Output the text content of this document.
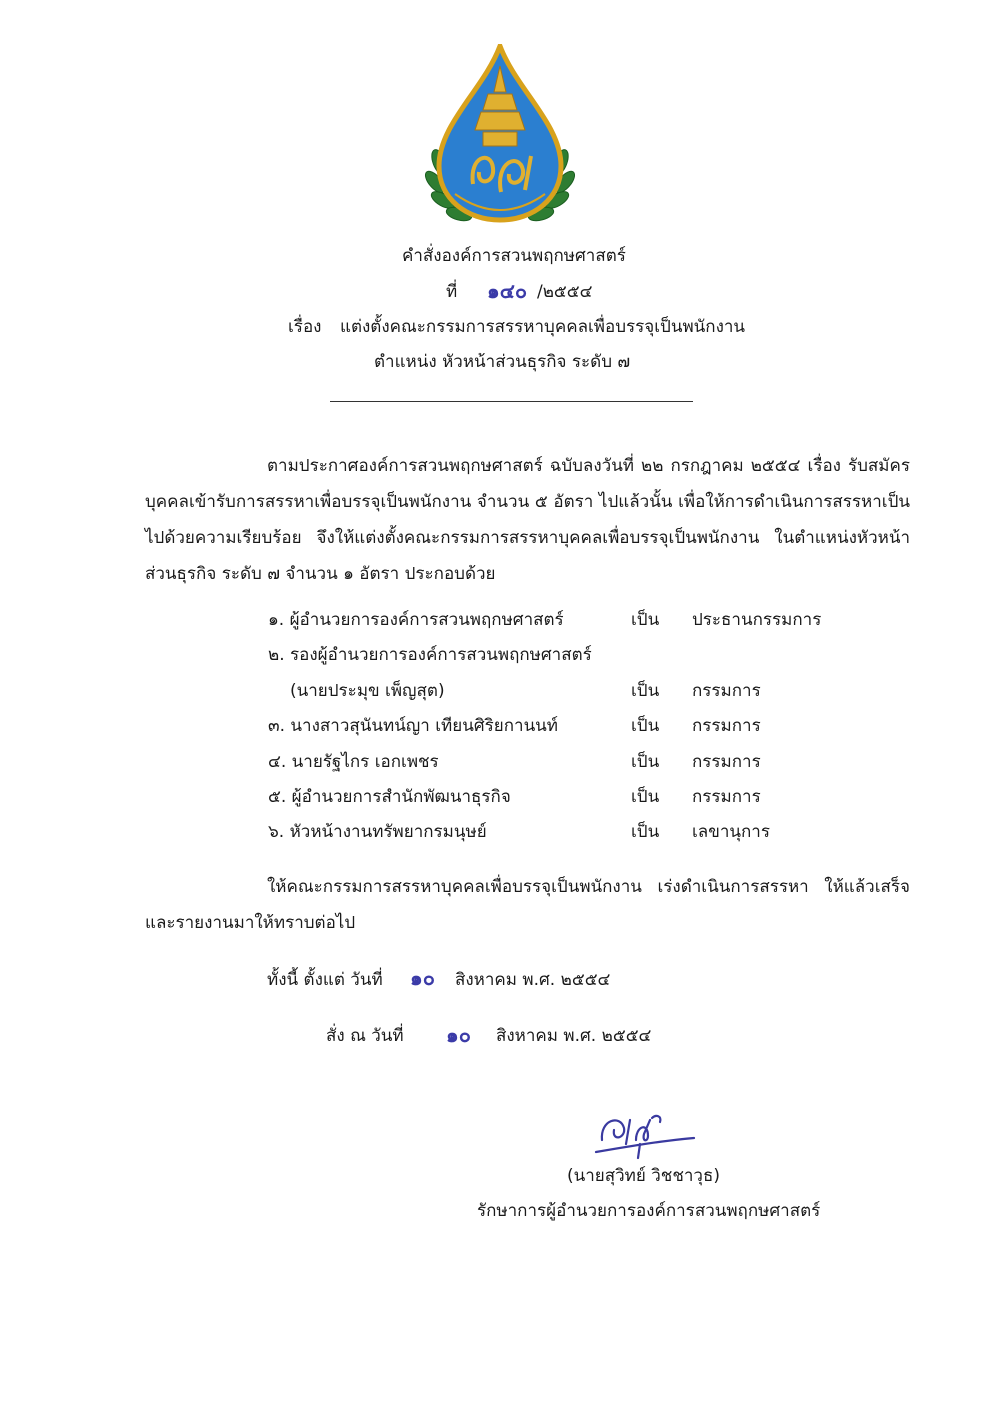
คำสั่งองค์การสวนพฤกษศาสตร์
ที่ ๑๔๐ /๒๕๕๔
เรื่อง แต่งตั้งคณะกรรมการสรรหาบุคคลเพื่อบรรจุเป็นพนักงาน
ตำแหน่ง หัวหน้าส่วนธุรกิจ ระดับ ๗
ตามประกาศองค์การสวนพฤกษศาสตร์ ฉบับลงวันที่ ๒๒ กรกฎาคม ๒๕๕๔ เรื่อง รับสมัครบุคคลเข้ารับการสรรหาเพื่อบรรจุเป็นพนักงาน จำนวน ๕ อัตรา ไปแล้วนั้น เพื่อให้การดำเนินการสรรหาเป็นไปด้วยความเรียบร้อย จึงให้แต่งตั้งคณะกรรมการสรรหาบุคคลเพื่อบรรจุเป็นพนักงาน ในตำแหน่งหัวหน้าส่วนธุรกิจ ระดับ ๗ จำนวน ๑ อัตรา ประกอบด้วย
๑. ผู้อำนวยการองค์การสวนพฤกษศาสตร์	เป็น ประธานกรรมการ
๒. รองผู้อำนวยการองค์การสวนพฤกษศาสตร์
(นายประมุข เพ็ญสุต)	เป็น กรรมการ
๓. นางสาวสุนันทน์ญา เทียนศิริยกานนท์	เป็น กรรมการ
๔. นายรัฐไกร เอกเพชร	เป็น กรรมการ
๕. ผู้อำนวยการสำนักพัฒนาธุรกิจ	เป็น กรรมการ
๖. หัวหน้างานทรัพยากรมนุษย์	เป็น เลขานุการ
ให้คณะกรรมการสรรหาบุคคลเพื่อบรรจุเป็นพนักงาน เร่งดำเนินการสรรหา ให้แล้วเสร็จและรายงานมาให้ทราบต่อไป
ทั้งนี้ ตั้งแต่ วันที่ ๑๐ สิงหาคม พ.ศ. ๒๕๕๔
สั่ง ณ วันที่ ๑๐ สิงหาคม พ.ศ. ๒๕๕๔
(นายสุวิทย์ วิชชาวุธ)
รักษาการผู้อำนวยการองค์การสวนพฤกษศาสตร์
